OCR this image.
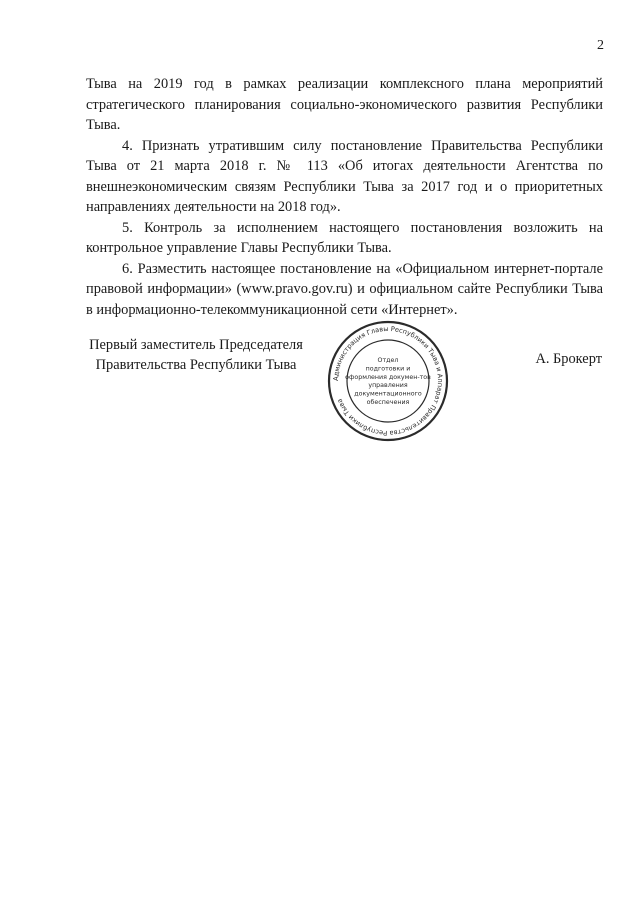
2

Тыва на 2019 год в рамках реализации комплексного плана мероприятий стратегического планирования социально-экономического развития Республики Тыва.

4. Признать утратившим силу постановление Правительства Республики Тыва от 21 марта 2018 г. № 113 «Об итогах деятельности Агентства по внешнеэкономическим связям Республики Тыва за 2017 год и о приоритетных направлениях деятельности на 2018 год».

5. Контроль за исполнением настоящего постановления возложить на контрольное управление Главы Республики Тыва.

6. Разместить настоящее постановление на «Официальном интернет-портале правовой информации» (www.pravo.gov.ru) и официальном сайте Республики Тыва в информационно-телекоммуникационной сети «Интернет».

Первый заместитель Председателя
Правительства Республики Тыва	А. Брокерт
Администрация Главы Республики Тыва и Аппарат Правительства Республики Тыва
Отдел
подготовки и
оформления докумен-тов
управления
документационного
обеспечения
